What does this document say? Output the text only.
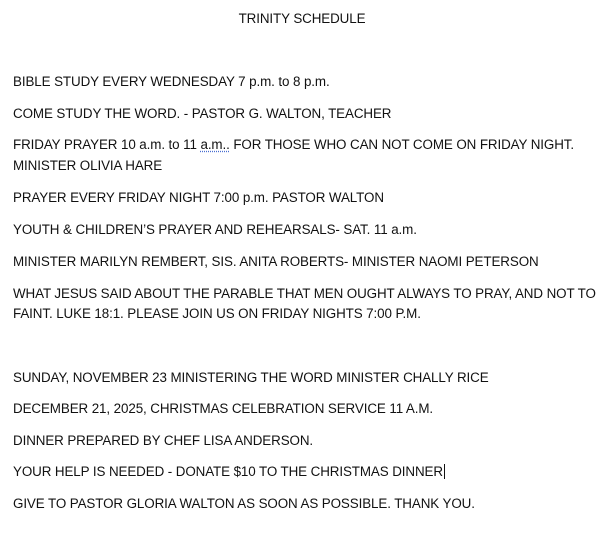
TRINITY SCHEDULE
BIBLE STUDY EVERY WEDNESDAY 7 p.m. to 8 p.m.
COME STUDY THE WORD. - PASTOR G. WALTON, TEACHER
FRIDAY PRAYER 10 a.m. to 11 a.m.. FOR THOSE WHO CAN NOT COME ON FRIDAY NIGHT.
MINISTER OLIVIA HARE
PRAYER EVERY FRIDAY NIGHT 7:00 p.m. PASTOR WALTON
YOUTH & CHILDREN’S PRAYER AND REHEARSALS- SAT. 11 a.m.
MINISTER MARILYN REMBERT, SIS. ANITA ROBERTS- MINISTER NAOMI PETERSON
WHAT JESUS SAID ABOUT THE PARABLE THAT MEN OUGHT ALWAYS TO PRAY, AND NOT TO
FAINT. LUKE 18:1. PLEASE JOIN US ON FRIDAY NIGHTS 7:00 P.M.
SUNDAY, NOVEMBER 23 MINISTERING THE WORD MINISTER CHALLY RICE
DECEMBER 21, 2025, CHRISTMAS CELEBRATION SERVICE 11 A.M.
DINNER PREPARED BY CHEF LISA ANDERSON.
YOUR HELP IS NEEDED - DONATE $10 TO THE CHRISTMAS DINNER
GIVE TO PASTOR GLORIA WALTON AS SOON AS POSSIBLE. THANK YOU.
